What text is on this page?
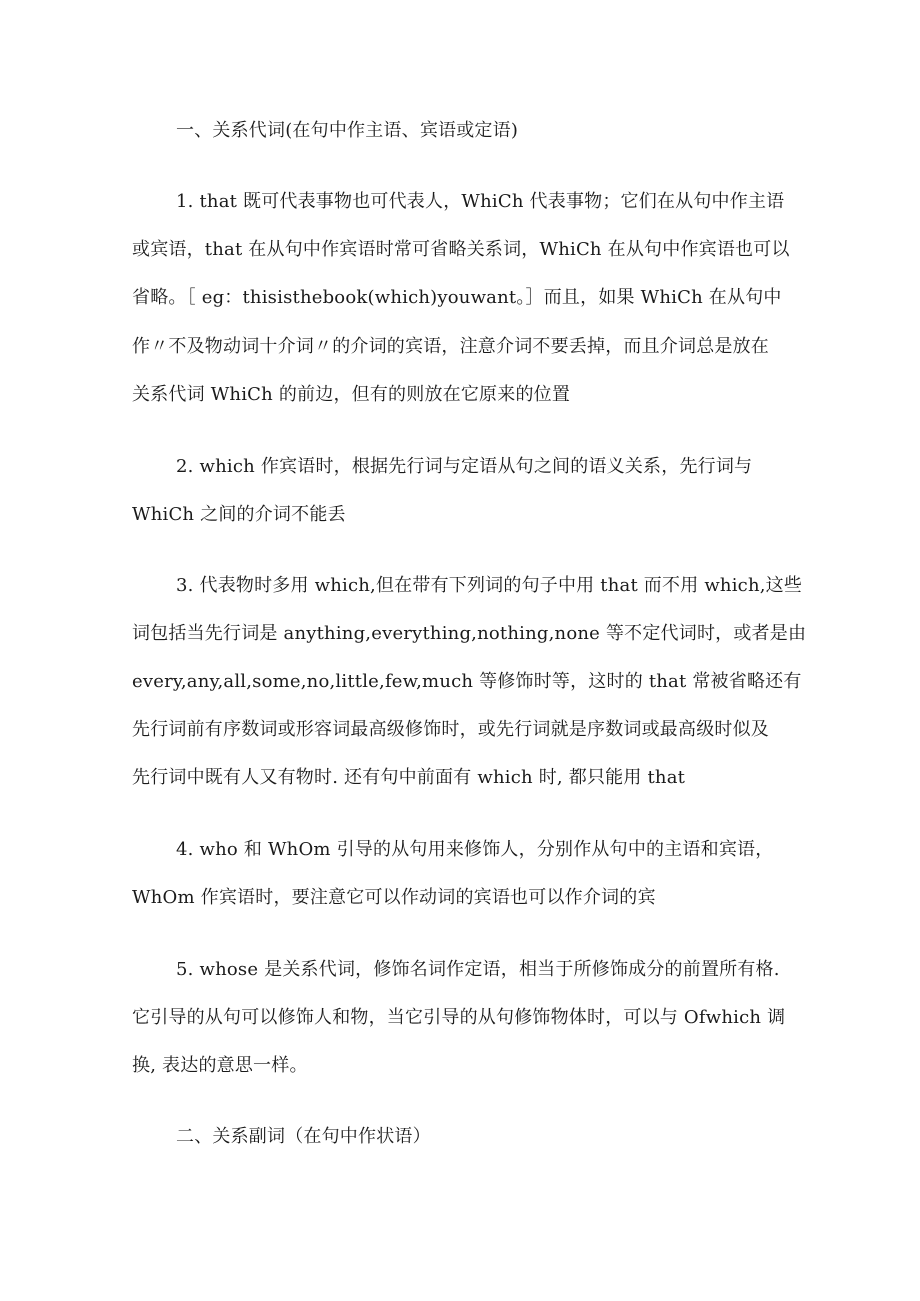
一、关系代词(在句中作主语、宾语或定语)
1. that 既可代表事物也可代表人，WhiCh 代表事物；它们在从句中作主语
或宾语，that 在从句中作宾语时常可省略关系词，WhiCh 在从句中作宾语也可以
省略。［ eg：thisisthebook(which)youwant。］而且，如果 WhiCh 在从句中
作〃不及物动词十介词〃的介词的宾语，注意介词不要丢掉，而且介词总是放在
关系代词 WhiCh 的前边，但有的则放在它原来的位置
2. which 作宾语时，根据先行词与定语从句之间的语义关系，先行词与
WhiCh 之间的介词不能丢
3. 代表物时多用 which,但在带有下列词的句子中用 that 而不用 which,这些
词包括当先行词是 anything,everything,nothing,none 等不定代词时，或者是由
every,any,all,some,no,little,few,much 等修饰时等，这时的 that 常被省略还有
先行词前有序数词或形容词最高级修饰时，或先行词就是序数词或最高级时似及
先行词中既有人又有物时. 还有句中前面有 which 时, 都只能用 that
4. who 和 WhOm 引导的从句用来修饰人，分别作从句中的主语和宾语，
WhOm 作宾语时，要注意它可以作动词的宾语也可以作介词的宾
5. whose 是关系代词，修饰名词作定语，相当于所修饰成分的前置所有格.
它引导的从句可以修饰人和物，当它引导的从句修饰物体时，可以与 Ofwhich 调
换, 表达的意思一样。
二、关系副词（在句中作状语）
